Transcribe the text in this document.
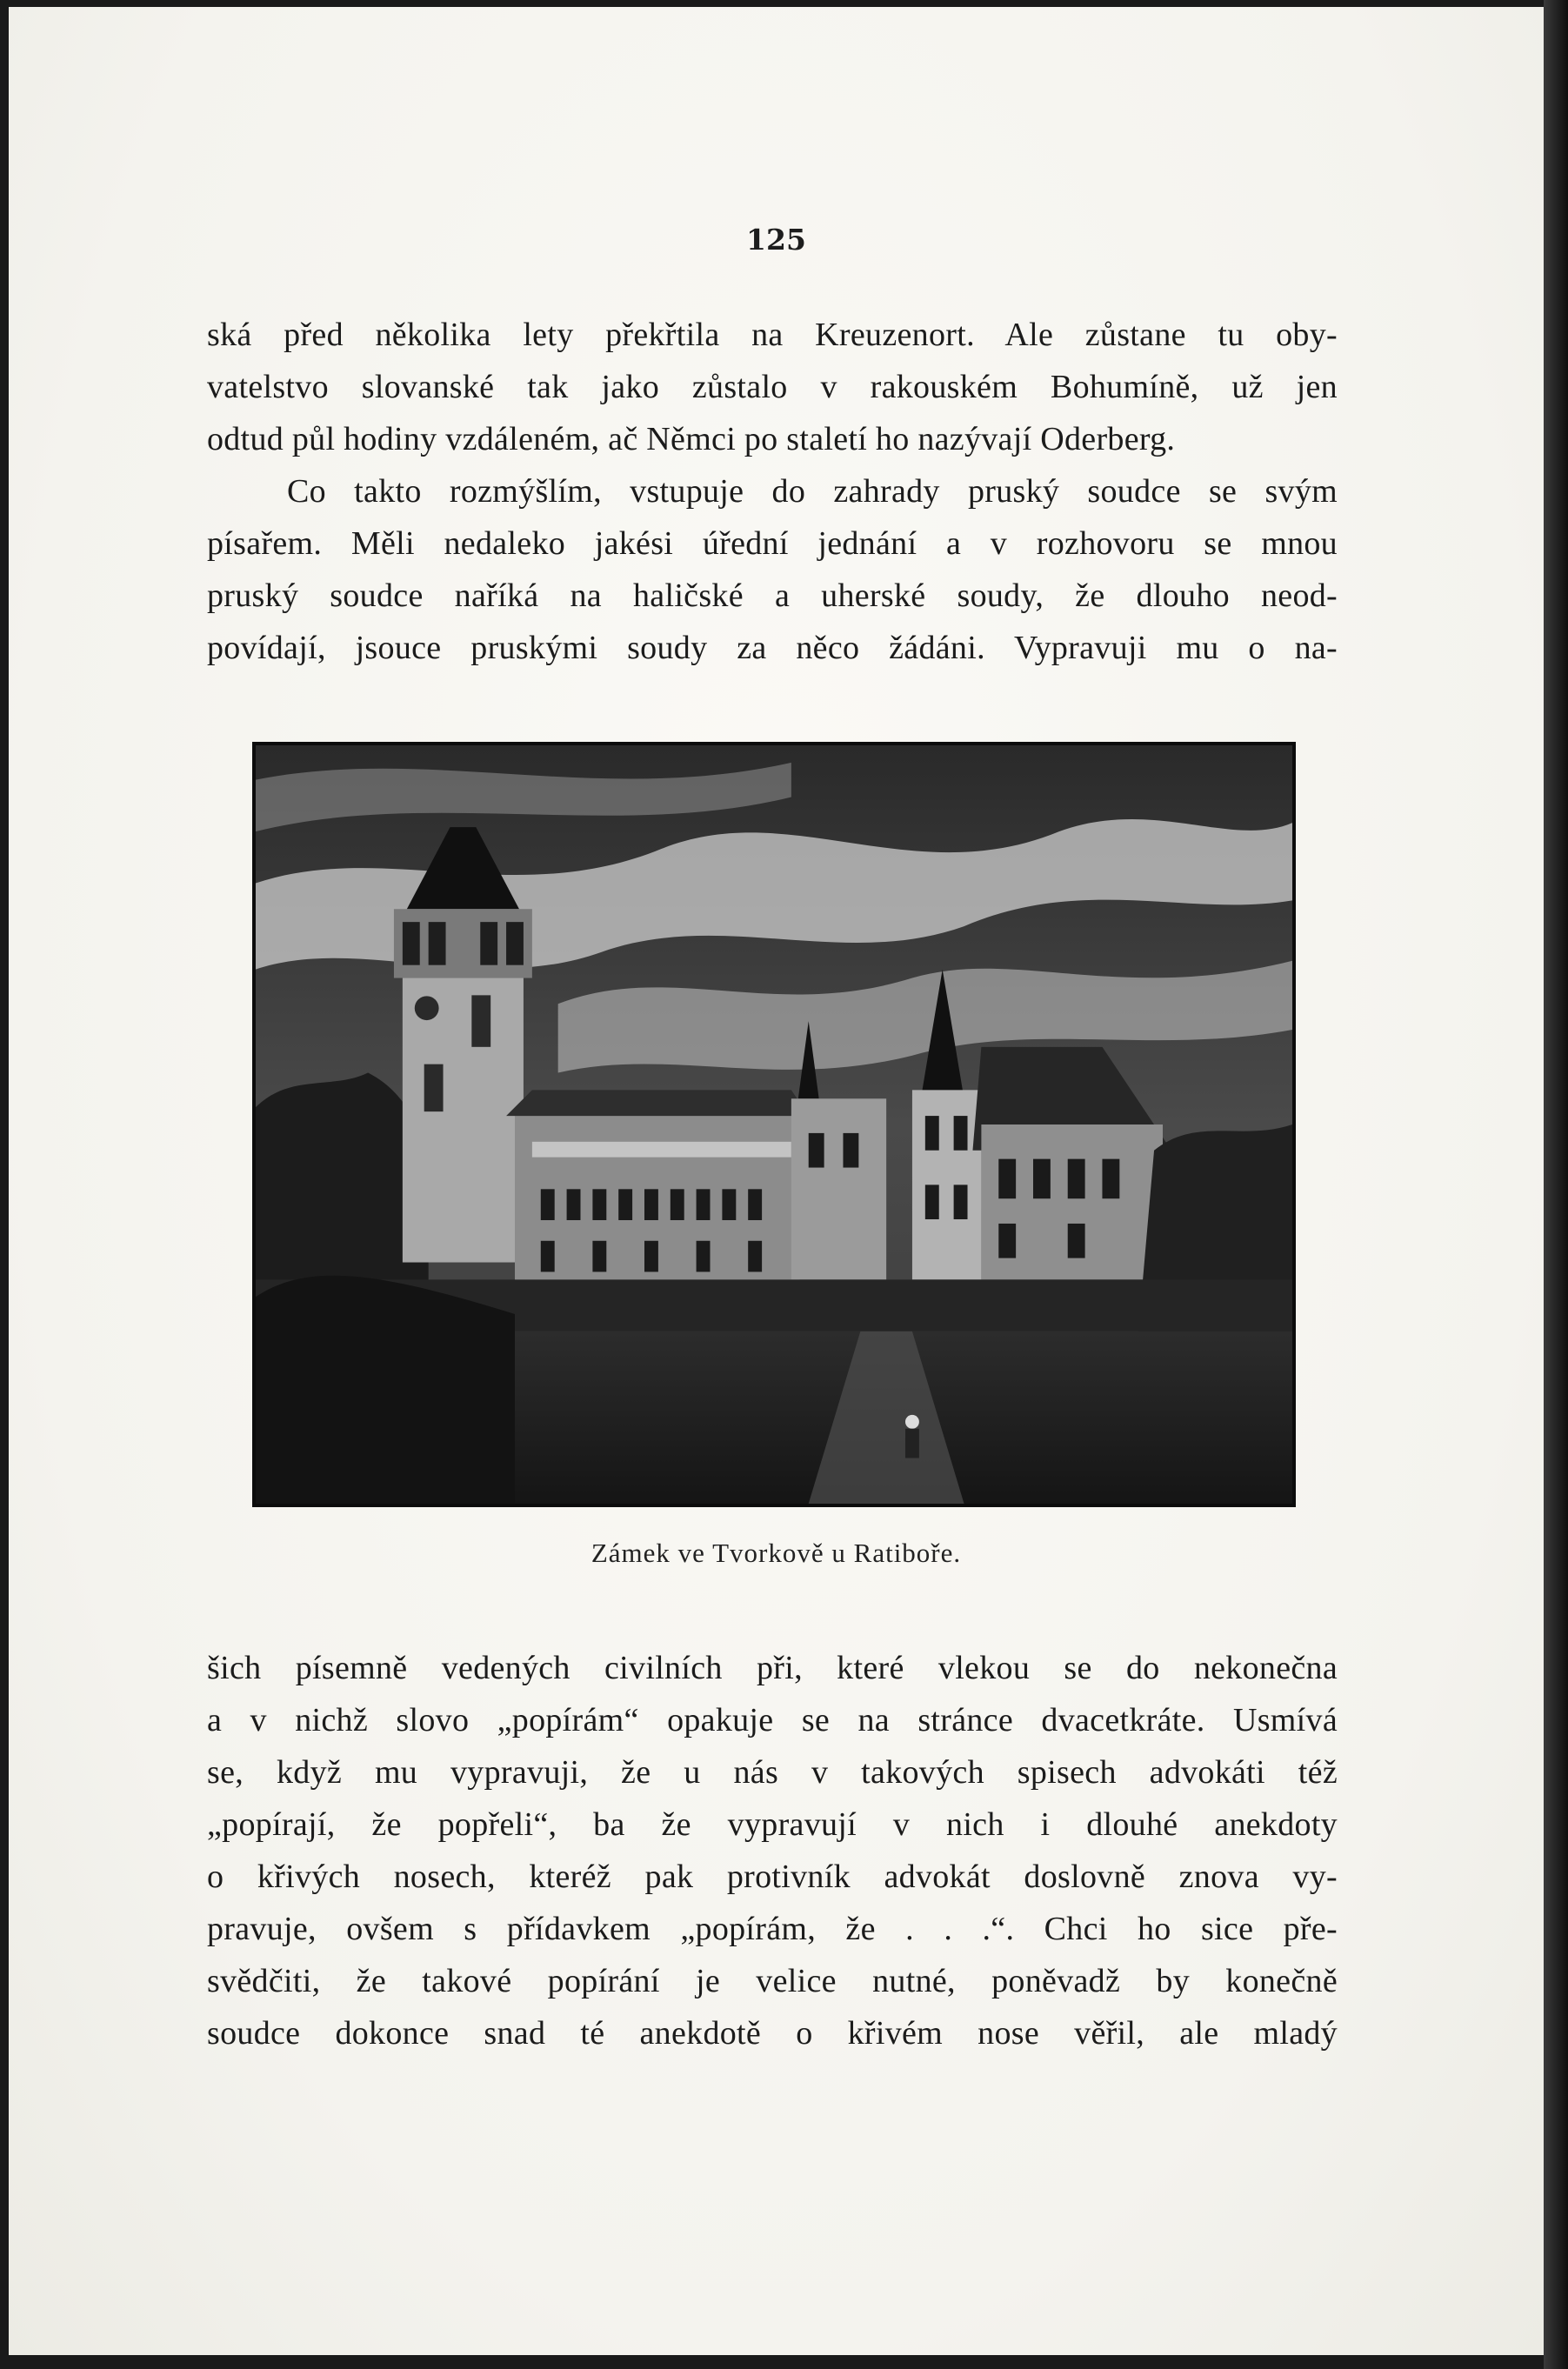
125
ská před několika lety překřtila na Kreuzenort. Ale zůstane tu oby-
vatelstvo slovanské tak jako zůstalo v rakouském Bohumíně, už jen
odtud půl hodiny vzdáleném, ač Němci po staletí ho nazývají Oderberg.
Co takto rozmýšlím, vstupuje do zahrady pruský soudce se svým
písařem. Měli nedaleko jakési úřední jednání a v rozhovoru se mnou
pruský soudce naříká na haličské a uherské soudy, že dlouho neod-
povídají, jsouce pruskými soudy za něco žádáni. Vypravuji mu o na-
Zámek ve Tvorkově u Ratiboře.
šich písemně vedených civilních při, které vlekou se do nekonečna
a v nichž slovo „popírám“ opakuje se na stránce dvacetkráte. Usmívá
se, když mu vypravuji, že u nás v takových spisech advokáti též
„popírají, že popřeli“, ba že vypravují v nich i dlouhé anekdoty
o křivých nosech, kteréž pak protivník advokát doslovně znova vy-
pravuje, ovšem s přídavkem „popírám, že . . .“. Chci ho sice pře-
svědčiti, že takové popírání je velice nutné, poněvadž by konečně
soudce dokonce snad té anekdotě o křivém nose věřil, ale mladý
